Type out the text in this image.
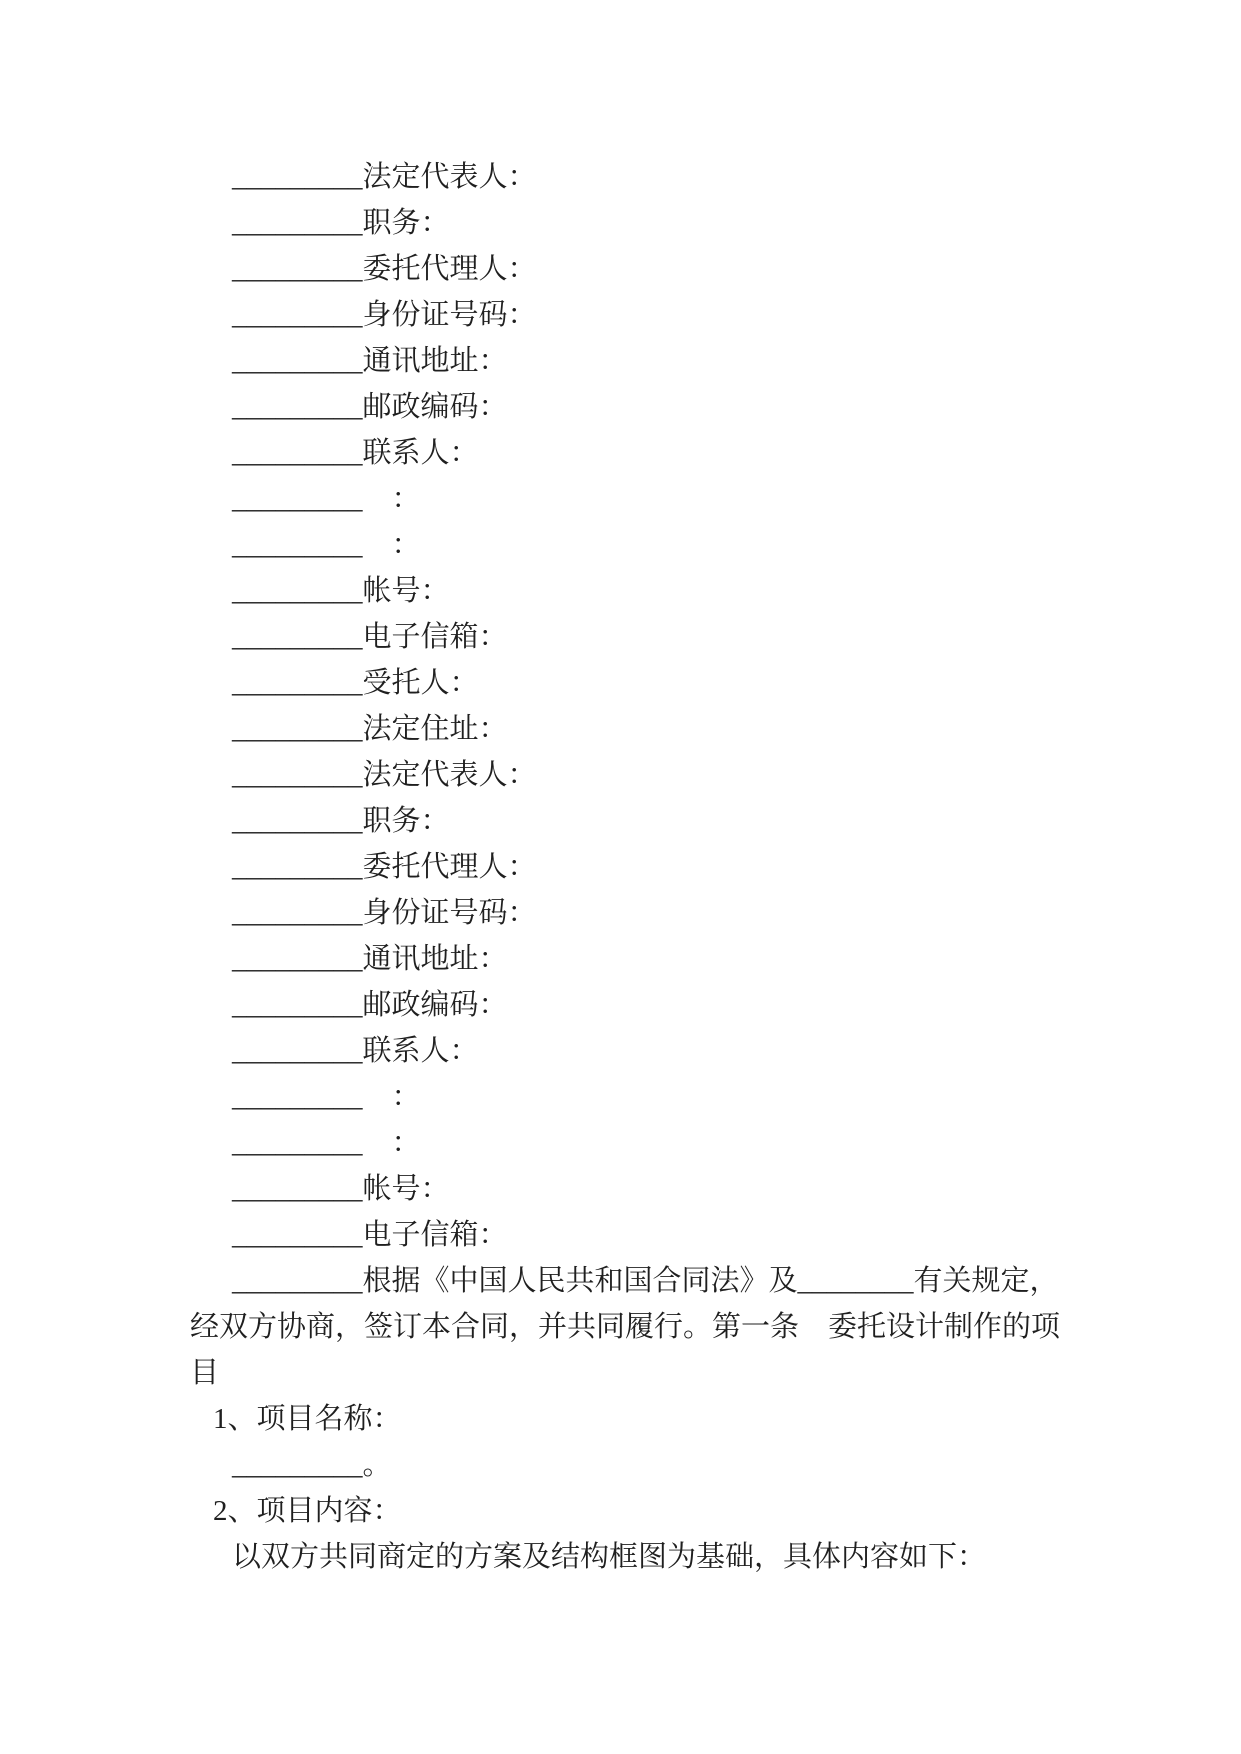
_________法定代表人：
_________职务：
_________委托代理人：
_________身份证号码：
_________通讯地址：
_________邮政编码：
_________联系人：
_________　：
_________　：
_________帐号：
_________电子信箱：
_________受托人：
_________法定住址：
_________法定代表人：
_________职务：
_________委托代理人：
_________身份证号码：
_________通讯地址：
_________邮政编码：
_________联系人：
_________　：
_________　：
_________帐号：
_________电子信箱：
_________根据《中国人民共和国合同法》及________有关规定，
经双方协商，签订本合同，并共同履行。第一条　委托设计制作的项
目
1、项目名称：
_________。
2、项目内容：
以双方共同商定的方案及结构框图为基础，具体内容如下：
